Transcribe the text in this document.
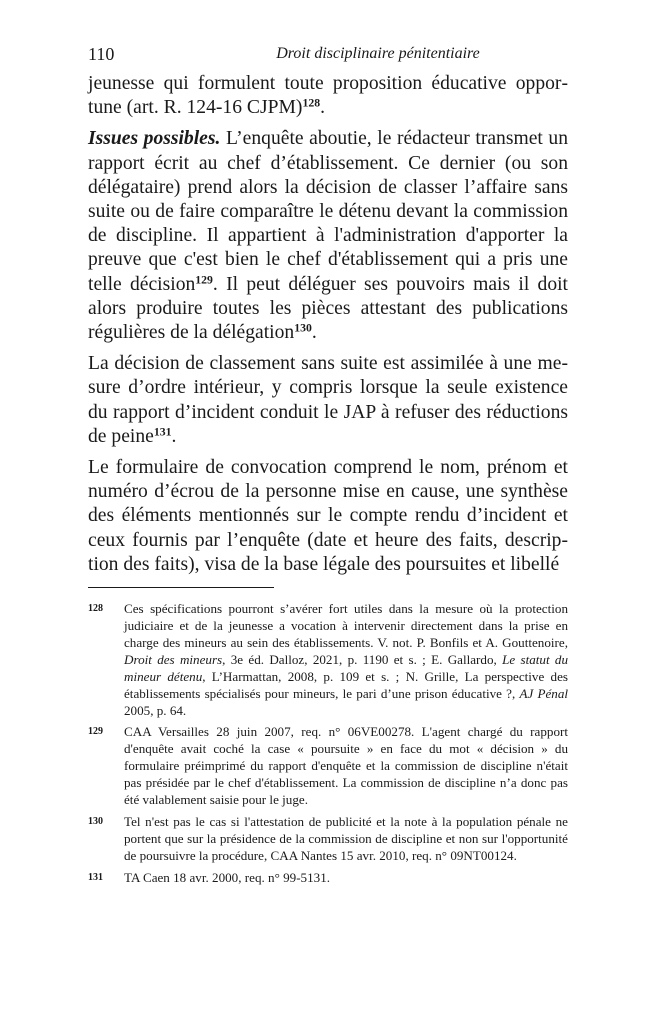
110	Droit disciplinaire pénitentiaire

jeunesse qui formulent toute proposition éducative opportune (art. R. 124-16 CJPM)$^{128}$.

Issues possibles. L’enquête aboutie, le rédacteur transmet un rapport écrit au chef d’établissement. Ce dernier (ou son délégataire) prend alors la décision de classer l’affaire sans suite ou de faire comparaître le détenu devant la commission de discipline. Il appartient à l'administration d'apporter la preuve que c'est bien le chef d'établissement qui a pris une telle décision$^{129}$. Il peut déléguer ses pouvoirs mais il doit alors produire toutes les pièces attestant des publications régulières de la délégation$^{130}$.

La décision de classement sans suite est assimilée à une mesure d’ordre intérieur, y compris lorsque la seule existence du rapport d’incident conduit le JAP à refuser des réductions de peine$^{131}$.

Le formulaire de convocation comprend le nom, prénom et numéro d’écrou de la personne mise en cause, une synthèse des éléments mentionnés sur le compte rendu d’incident et ceux fournis par l’enquête (date et heure des faits, description des faits), visa de la base légale des poursuites et libellé

128	Ces spécifications pourront s’avérer fort utiles dans la mesure où la protection judiciaire et de la jeunesse a vocation à intervenir directement dans la prise en charge des mineurs au sein des établissements. V. not. P. Bonfils et A. Gouttenoire, Droit des mineurs, 3e éd. Dalloz, 2021, p. 1190 et s. ; E. Gallardo, Le statut du mineur détenu, L’Harmattan, 2008, p. 109 et s. ; N. Grille, La perspective des établissements spécialisés pour mineurs, le pari d’une prison éducative ?, AJ Pénal 2005, p. 64.
129	CAA Versailles 28 juin 2007, req. n° 06VE00278. L'agent chargé du rapport d'enquête avait coché la case « poursuite » en face du mot « décision » du formulaire préimprimé du rapport d'enquête et la commission de discipline n'était pas présidée par le chef d'établissement. La commission de discipline n’a donc pas été valablement saisie pour le juge.
130	Tel n'est pas le cas si l'attestation de publicité et la note à la population pénale ne portent que sur la présidence de la commission de discipline et non sur l'opportunité de poursuivre la procédure, CAA Nantes 15 avr. 2010, req. n° 09NT00124.
131	TA Caen 18 avr. 2000, req. n° 99-5131.
